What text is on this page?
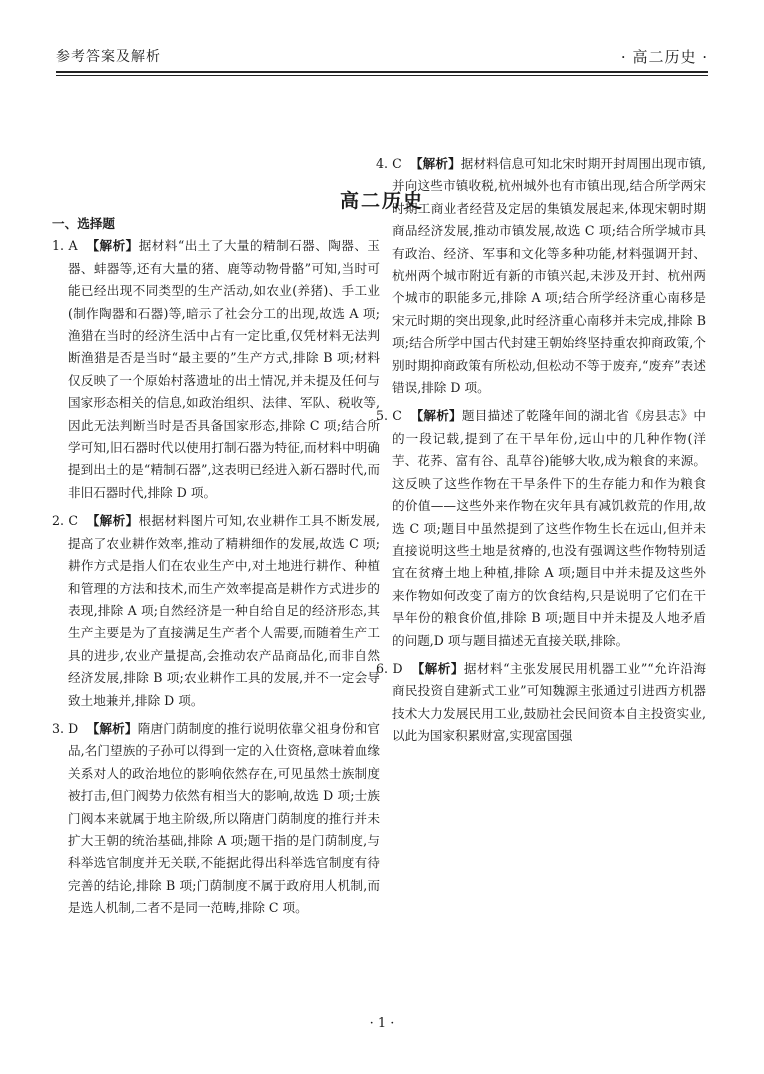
参考答案及解析	· 高二历史 ·
高二历史
一、选择题
1. A 【解析】据材料“出土了大量的精制石器、陶器、玉器、蚌器等,还有大量的猪、鹿等动物骨骼”可知,当时可能已经出现不同类型的生产活动,如农业(养猪)、手工业(制作陶器和石器)等,暗示了社会分工的出现,故选 A 项;渔猎在当时的经济生活中占有一定比重,仅凭材料无法判断渔猎是否是当时“最主要的”生产方式,排除 B 项;材料仅反映了一个原始村落遗址的出土情况,并未提及任何与国家形态相关的信息,如政治组织、法律、军队、税收等,因此无法判断当时是否具备国家形态,排除 C 项;结合所学可知,旧石器时代以使用打制石器为特征,而材料中明确提到出土的是“精制石器”,这表明已经进入新石器时代,而非旧石器时代,排除 D 项。
2. C 【解析】根据材料图片可知,农业耕作工具不断发展,提高了农业耕作效率,推动了精耕细作的发展,故选 C 项;耕作方式是指人们在农业生产中,对土地进行耕作、种植和管理的方法和技术,而生产效率提高是耕作方式进步的表现,排除 A 项;自然经济是一种自给自足的经济形态,其生产主要是为了直接满足生产者个人需要,而随着生产工具的进步,农业产量提高,会推动农产品商品化,而非自然经济发展,排除 B 项;农业耕作工具的发展,并不一定会导致土地兼并,排除 D 项。
3. D 【解析】隋唐门荫制度的推行说明依靠父祖身份和官品,名门望族的子孙可以得到一定的入仕资格,意味着血缘关系对人的政治地位的影响依然存在,可见虽然士族制度被打击,但门阀势力依然有相当大的影响,故选 D 项;士族门阀本来就属于地主阶级,所以隋唐门荫制度的推行并未扩大王朝的统治基础,排除 A 项;题干指的是门荫制度,与科举选官制度并无关联,不能据此得出科举选官制度有待完善的结论,排除 B 项;门荫制度不属于政府用人机制,而是选人机制,二者不是同一范畴,排除 C 项。
4. C 【解析】据材料信息可知北宋时期开封周围出现市镇,并向这些市镇收税,杭州城外也有市镇出现,结合所学两宋时期工商业者经营及定居的集镇发展起来,体现宋朝时期商品经济发展,推动市镇发展,故选 C 项;结合所学城市具有政治、经济、军事和文化等多种功能,材料强调开封、杭州两个城市附近有新的市镇兴起,未涉及开封、杭州两个城市的职能多元,排除 A 项;结合所学经济重心南移是宋元时期的突出现象,此时经济重心南移并未完成,排除 B 项;结合所学中国古代封建王朝始终坚持重农抑商政策,个别时期抑商政策有所松动,但松动不等于废弃,“废弃”表述错误,排除 D 项。
5. C 【解析】题目描述了乾隆年间的湖北省《房县志》中的一段记载,提到了在干旱年份,远山中的几种作物(洋芋、花荞、富有谷、乱草谷)能够大收,成为粮食的来源。这反映了这些作物在干旱条件下的生存能力和作为粮食的价值——这些外来作物在灾年具有减饥救荒的作用,故选 C 项;题目中虽然提到了这些作物生长在远山,但并未直接说明这些土地是贫瘠的,也没有强调这些作物特别适宜在贫瘠土地上种植,排除 A 项;题目中并未提及这些外来作物如何改变了南方的饮食结构,只是说明了它们在干旱年份的粮食价值,排除 B 项;题目中并未提及人地矛盾的问题,D 项与题目描述无直接关联,排除。
6. D 【解析】据材料“主张发展民用机器工业”“允许沿海商民投资自建新式工业”可知魏源主张通过引进西方机器技术大力发展民用工业,鼓励社会民间资本自主投资实业,以此为国家积累财富,实现富国强
· 1 ·
